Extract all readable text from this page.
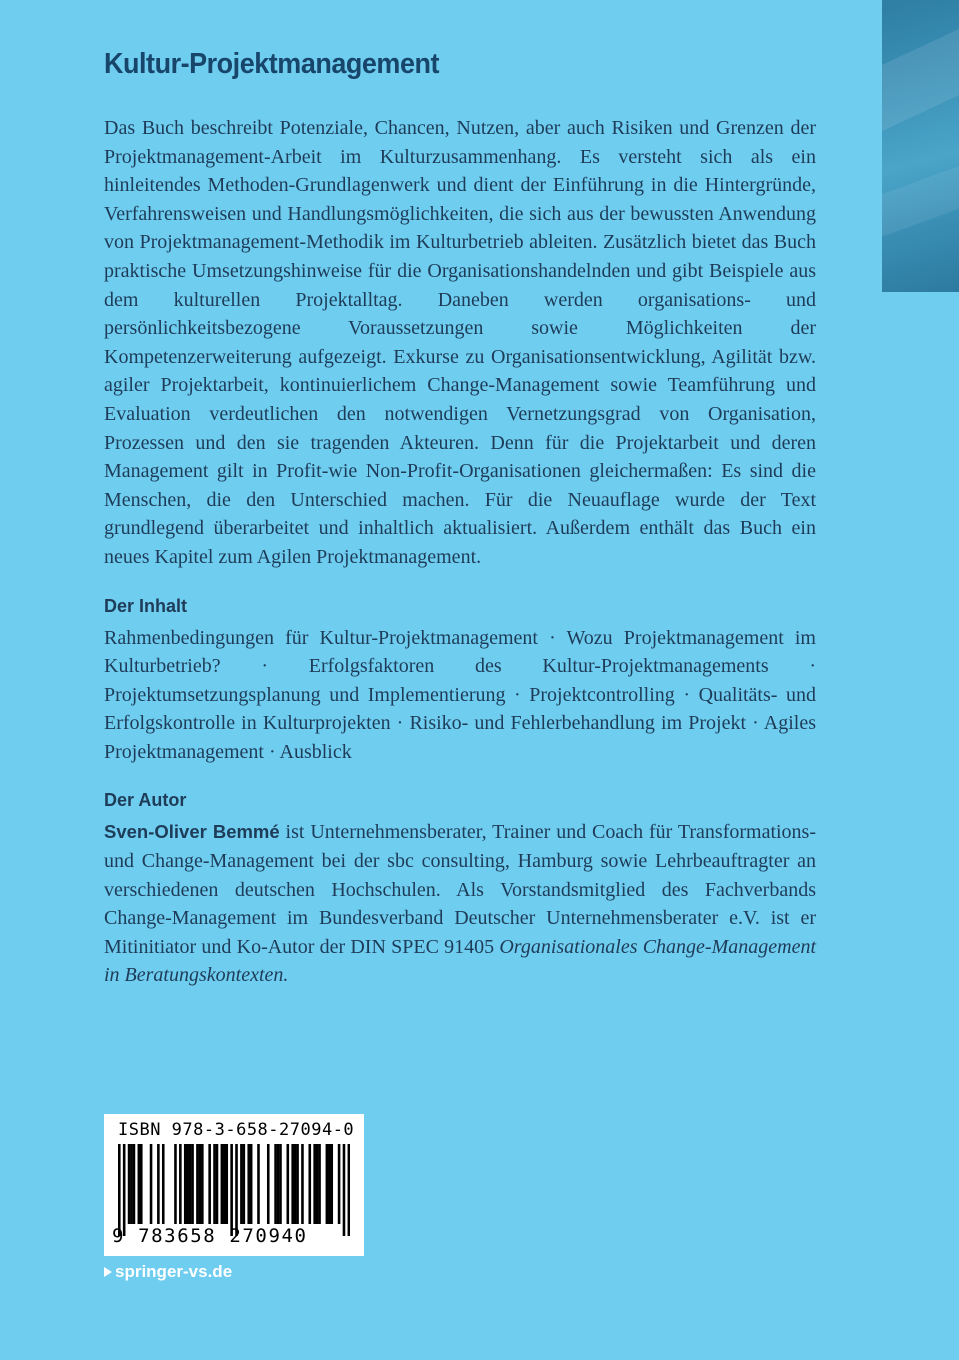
Kultur-Projektmanagement

Das Buch beschreibt Potenziale, Chancen, Nutzen, aber auch Risiken und Grenzen der Projektmanagement-Arbeit im Kulturzusammenhang. Es versteht sich als ein hinleitendes Methoden-Grundlagenwerk und dient der Einführung in die Hintergründe, Verfahrensweisen und Handlungsmöglichkeiten, die sich aus der bewussten Anwendung von Projektmanagement-Methodik im Kulturbetrieb ableiten. Zusätzlich bietet das Buch praktische Umsetzungshinweise für die Organisationshandelnden und gibt Beispiele aus dem kulturellen Projektalltag. Daneben werden organisations- und persönlichkeitsbezogene Voraussetzungen sowie Möglichkeiten der Kompetenzerweiterung aufgezeigt. Exkurse zu Organisationsentwicklung, Agilität bzw. agiler Projektarbeit, kontinuierlichem Change-Management sowie Teamführung und Evaluation verdeutlichen den notwendigen Vernetzungsgrad von Organisation, Prozessen und den sie tragenden Akteuren. Denn für die Projektarbeit und deren Management gilt in Profit-wie Non-Profit-Organisationen gleichermaßen: Es sind die Menschen, die den Unterschied machen. Für die Neuauflage wurde der Text grundlegend überarbeitet und inhaltlich aktualisiert. Außerdem enthält das Buch ein neues Kapitel zum Agilen Projektmanagement.

Der Inhalt

Rahmenbedingungen für Kultur-Projektmanagement · Wozu Projektmanagement im Kulturbetrieb? · Erfolgsfaktoren des Kultur-Projektmanagements · Projektumsetzungsplanung und Implementierung · Projektcontrolling · Qualitäts- und Erfolgskontrolle in Kulturprojekten · Risiko- und Fehlerbehandlung im Projekt · Agiles Projektmanagement · Ausblick

Der Autor

Sven-Oliver Bemmé ist Unternehmensberater, Trainer und Coach für Transformations- und Change-Management bei der sbc consulting, Hamburg sowie Lehrbeauftragter an verschiedenen deutschen Hochschulen. Als Vorstandsmitglied des Fachverbands Change-Management im Bundesverband Deutscher Unternehmensberater e.V. ist er Mitinitiator und Ko-Autor der DIN SPEC 91405 Organisationales Change-Management in Beratungskontexten.

ISBN 978-3-658-27094-0
9 783658 270940
springer-vs.de
